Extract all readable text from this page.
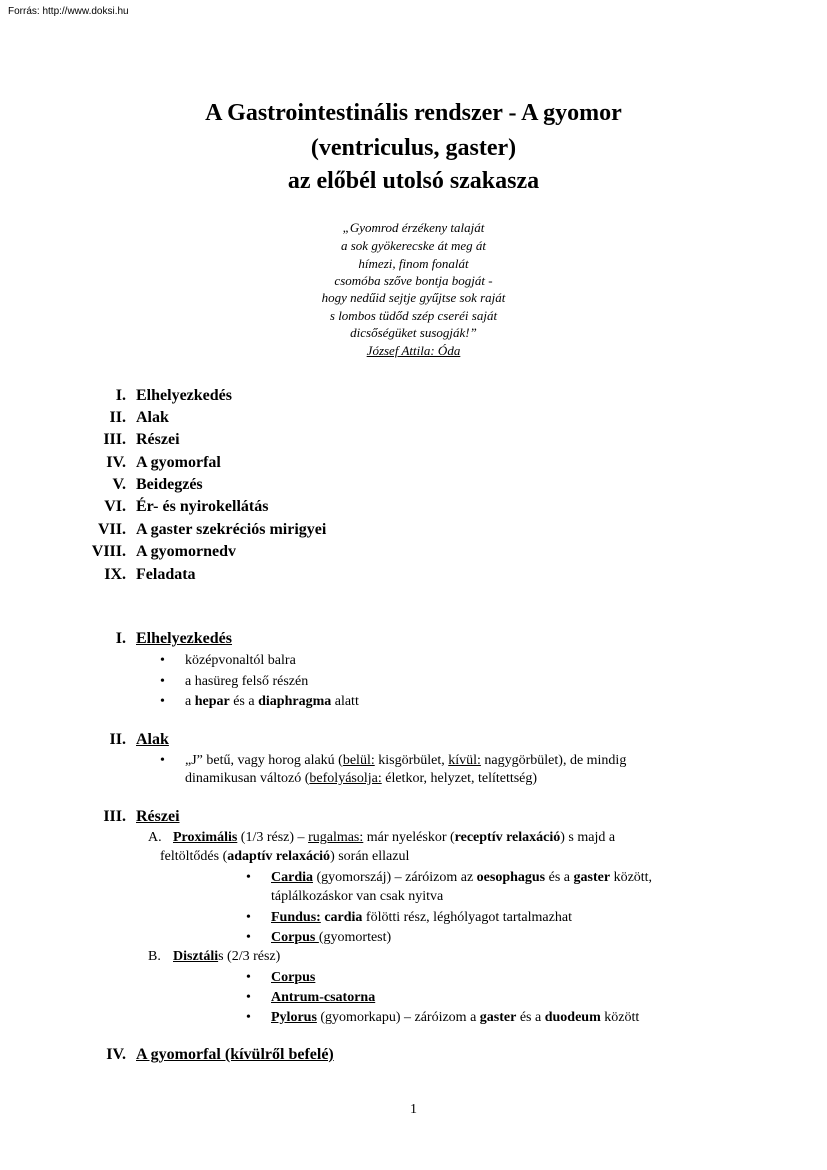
Forrás: http://www.doksi.hu
A Gastrointestinális rendszer - A gyomor
(ventriculus, gaster)
az előbél utolsó szakasza
„Gyomrod érzékeny talaját
a sok gyökerecske át meg át
hímezi, finom fonalát
csomóba szőve bontja bogját -
hogy nedűid sejtje gyűjtse sok raját
s lombos tüdőd szép cseréi saját
dicsőségüket susogják!”
József Attila: Óda
I. Elhelyezkedés
II. Alak
III. Részei
IV. A gyomorfal
V. Beidegzés
VI. Ér- és nyirokellátás
VII. A gaster szekréciós mirigyei
VIII. A gyomornedv
IX. Feladata
I. Elhelyezkedés
• középvonaltól balra
• a hasüreg felső részén
• a hepar és a diaphragma alatt
II. Alak
• „J” betű, vagy horog alakú (belül: kisgörbület, kívül: nagygörbület), de mindig
dinamikusan változó (befolyásolja: életkor, helyzet, telítettség)
III. Részei
A. Proximális (1/3 rész) – rugalmas: már nyeléskor (receptív relaxáció) s majd a
feltöltődés (adaptív relaxáció) során ellazul
• Cardia (gyomorszáj) – záróizom az oesophagus és a gaster között,
táplálkozáskor van csak nyitva
• Fundus: cardia fölötti rész, léghólyagot tartalmazhat
• Corpus (gyomortest)
B. Disztális (2/3 rész)
• Corpus
• Antrum-csatorna
• Pylorus (gyomorkapu) – záróizom a gaster és a duodeum között
IV. A gyomorfal (kívülről befelé)
1
